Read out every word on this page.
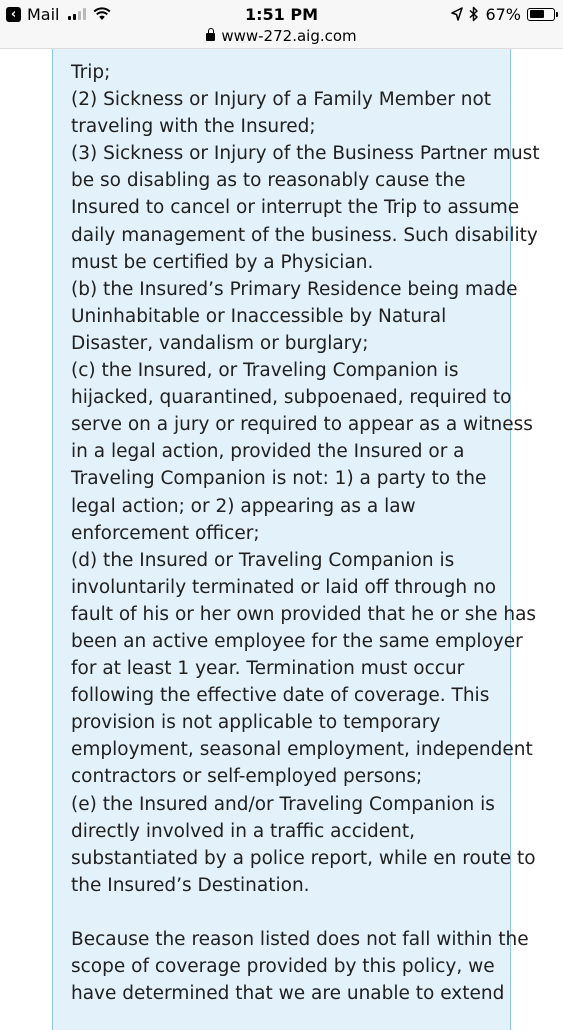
Trip;
(2) Sickness or Injury of a Family Member not
traveling with the Insured;
(3) Sickness or Injury of the Business Partner must
be so disabling as to reasonably cause the
Insured to cancel or interrupt the Trip to assume
daily management of the business. Such disability
must be certified by a Physician.
(b) the Insured’s Primary Residence being made
Uninhabitable or Inaccessible by Natural
Disaster, vandalism or burglary;
(c) the Insured, or Traveling Companion is
hijacked, quarantined, subpoenaed, required to
serve on a jury or required to appear as a witness
in a legal action, provided the Insured or a
Traveling Companion is not: 1) a party to the
legal action; or 2) appearing as a law
enforcement officer;
(d) the Insured or Traveling Companion is
involuntarily terminated or laid off through no
fault of his or her own provided that he or she has
been an active employee for the same employer
for at least 1 year. Termination must occur
following the effective date of coverage. This
provision is not applicable to temporary
employment, seasonal employment, independent
contractors or self-employed persons;
(e) the Insured and/or Traveling Companion is
directly involved in a traffic accident,
substantiated by a police report, while en route to
the Insured’s Destination.
Because the reason listed does not fall within the
scope of coverage provided by this policy, we
have determined that we are unable to extend
‹ Mail	1:51 PM	67%
www-272.aig.com
